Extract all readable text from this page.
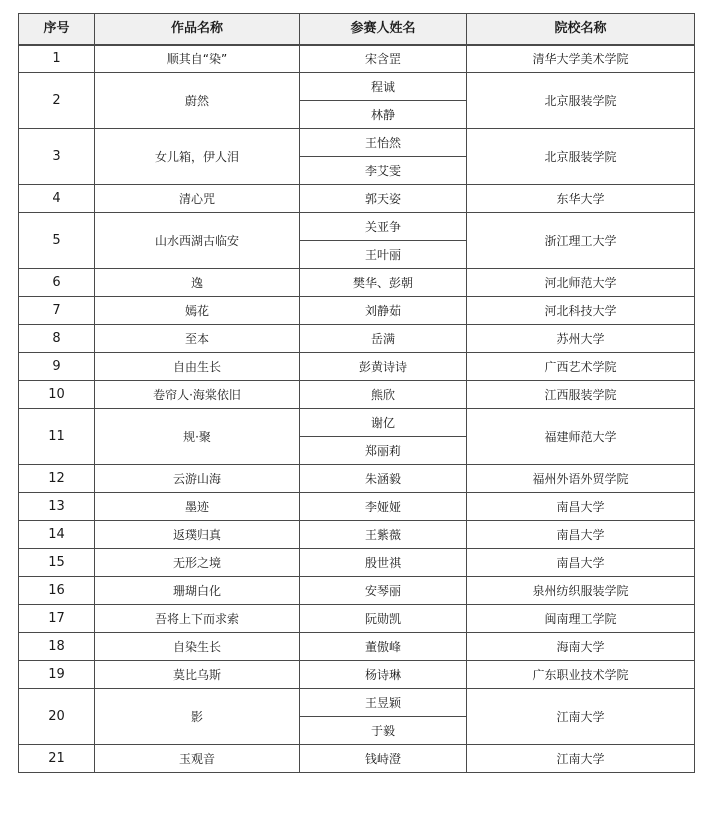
序号	作品名称	参赛人姓名	院校名称
1	顺其自“染”	宋含罡	清华大学美术学院
2	蔚然	程诚	北京服装学院
		林静	
3	女儿箱，伊人泪	王怡然	北京服装学院
		李艾雯	
4	清心咒	郭天姿	东华大学
5	山水西湖古临安	关亚争	浙江理工大学
		王叶丽	
6	逸	樊华、彭朝	河北师范大学
7	嫣花	刘静茹	河北科技大学
8	至本	岳满	苏州大学
9	自由生长	彭黄诗诗	广西艺术学院
10	卷帘人·海棠依旧	熊欣	江西服装学院
11	规·聚	谢亿	福建师范大学
		郑丽莉	
12	云游山海	朱涵毅	福州外语外贸学院
13	墨迹	李娅娅	南昌大学
14	返璞归真	王紫薇	南昌大学
15	无形之境	殷世祺	南昌大学
16	珊瑚白化	安琴丽	泉州纺织服装学院
17	吾将上下而求索	阮勋凯	闽南理工学院
18	自染生长	董傲峰	海南大学
19	莫比乌斯	杨诗琳	广东职业技术学院
20	影	王昱颖	江南大学
		于毅	
21	玉观音	钱峙澄	江南大学
